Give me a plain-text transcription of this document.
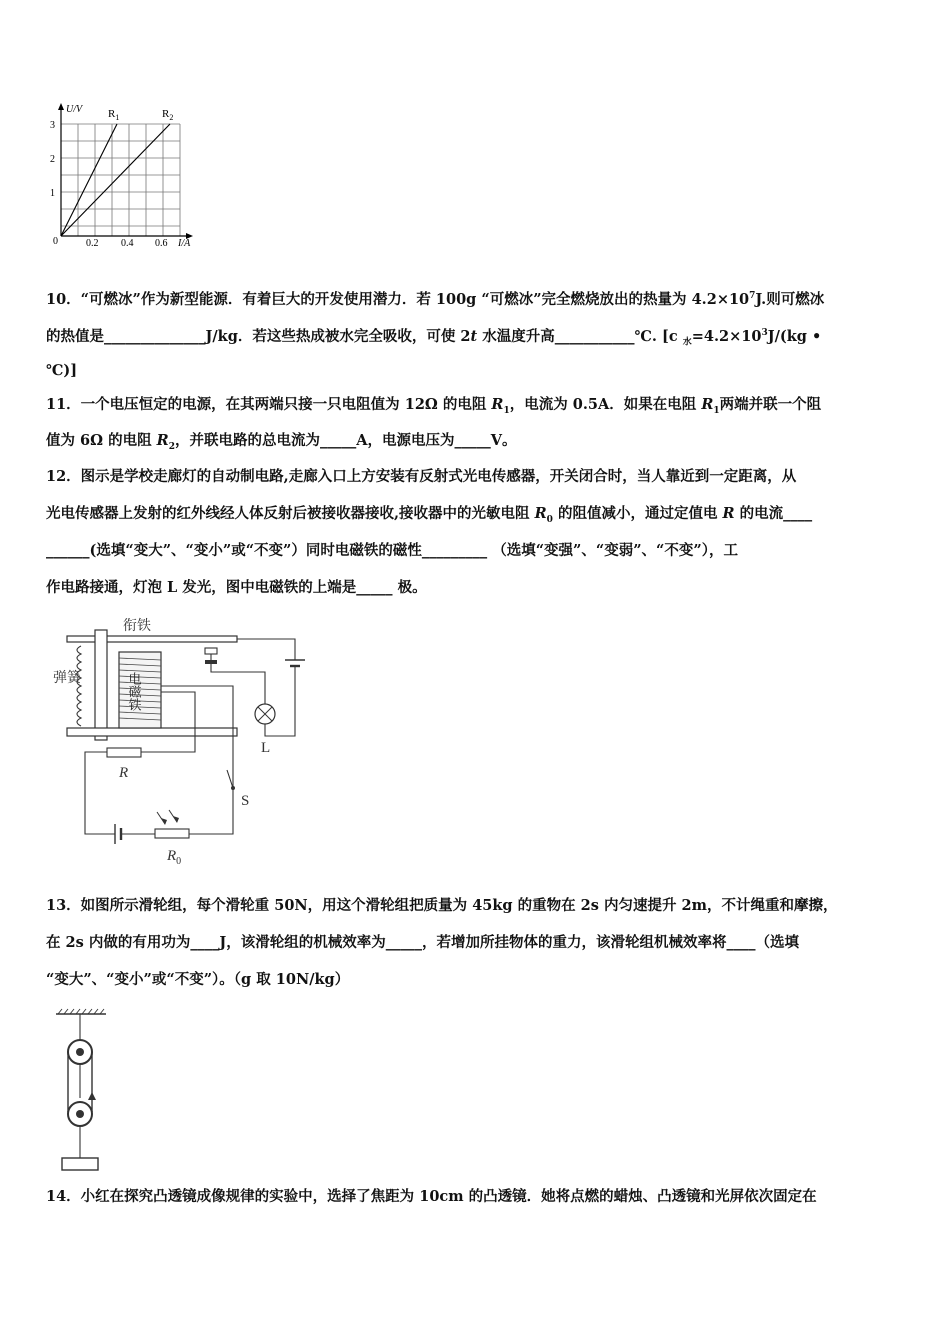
U/V
I/A
1
2
3
0	0.2 0.4 0.6
$R_1$	$R_2$
10．“可燃冰”作为新型能源．有着巨大的开发使用潜力．若 100g “可燃冰”完全燃烧放出的热量为 $4.2\times 10^7J$.则可燃冰
的热值是______________J/kg．若这些热成被水完全吸收，可使 2t 水温度升高___________℃. [c $_水=4.2\times 10^3J/(kg$ •
℃)]
11．一个电压恒定的电源，在其两端只接一只电阻值为 12Ω 的电阻 $R_1$，电流为 0.5A．如果在电阻 $R_1$两端并联一个阻
值为 6Ω 的电阻 $R_2$，并联电路的总电流为_____A，电源电压为_____V。
12．图示是学校走廊灯的自动制电路,走廊入口上方安装有反射式光电传感器，开关闭合时，当人靠近到一定距离，从
光电传感器上发射的红外线经人体反射后被接收器接收,接收器中的光敏电阻 $R_0$ 的阻值减小，通过定值电 R 的电流____
______(选填“变大”、“变小”或“不变”）同时电磁铁的磁性_________ （选填“变强”、“变弱”、“不变”），工
作电路接通，灯泡 L 发光，图中电磁铁的上端是_____ 极。
衔铁
弹簧	电磁铁
L
R
S
$R_0$
13．如图所示滑轮组，每个滑轮重 50N，用这个滑轮组把质量为 45kg 的重物在 2s 内匀速提升 2m，不计绳重和摩擦，
在 2s 内做的有用功为____J，该滑轮组的机械效率为_____，若增加所挂物体的重力，该滑轮组机械效率将____（选填
“变大”、“变小”或“不变”）。（g 取 10N/kg）
14．小红在探究凸透镜成像规律的实验中，选择了焦距为 10cm 的凸透镜．她将点燃的蜡烛、凸透镜和光屏依次固定在
